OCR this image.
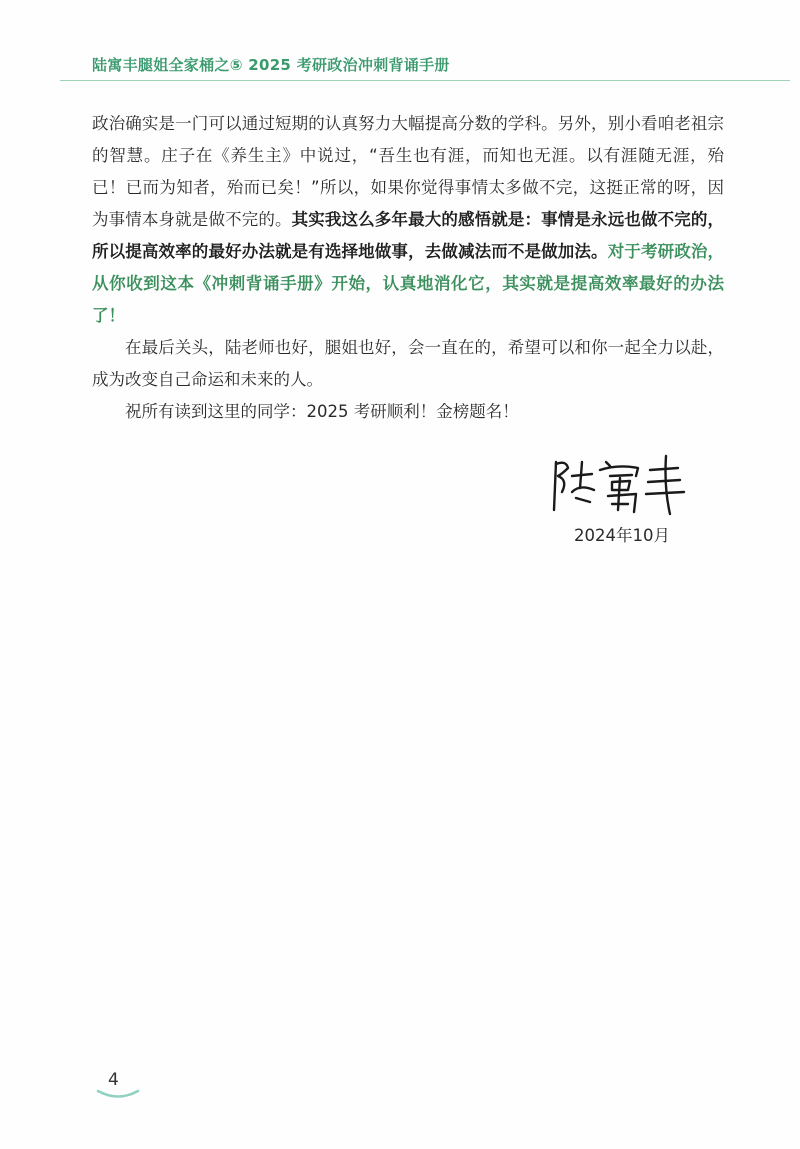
陆寓丰腿姐全家桶之⑤ 2025 考研政治冲刺背诵手册

政治确实是一门可以通过短期的认真努力大幅提高分数的学科。另外，别小看咱老祖宗的智慧。庄子在《养生主》中说过，“吾生也有涯，而知也无涯。以有涯随无涯，殆已！已而为知者，殆而已矣！”所以，如果你觉得事情太多做不完，这挺正常的呀，因为事情本身就是做不完的。其实我这么多年最大的感悟就是：事情是永远也做不完的，所以提高效率的最好办法就是有选择地做事，去做减法而不是做加法。对于考研政治，从你收到这本《冲刺背诵手册》开始，认真地消化它，其实就是提高效率最好的办法了！

在最后关头，陆老师也好，腿姐也好，会一直在的，希望可以和你一起全力以赴，成为改变自己命运和未来的人。

祝所有读到这里的同学：2025 考研顺利！金榜题名！

2024年10月
4
